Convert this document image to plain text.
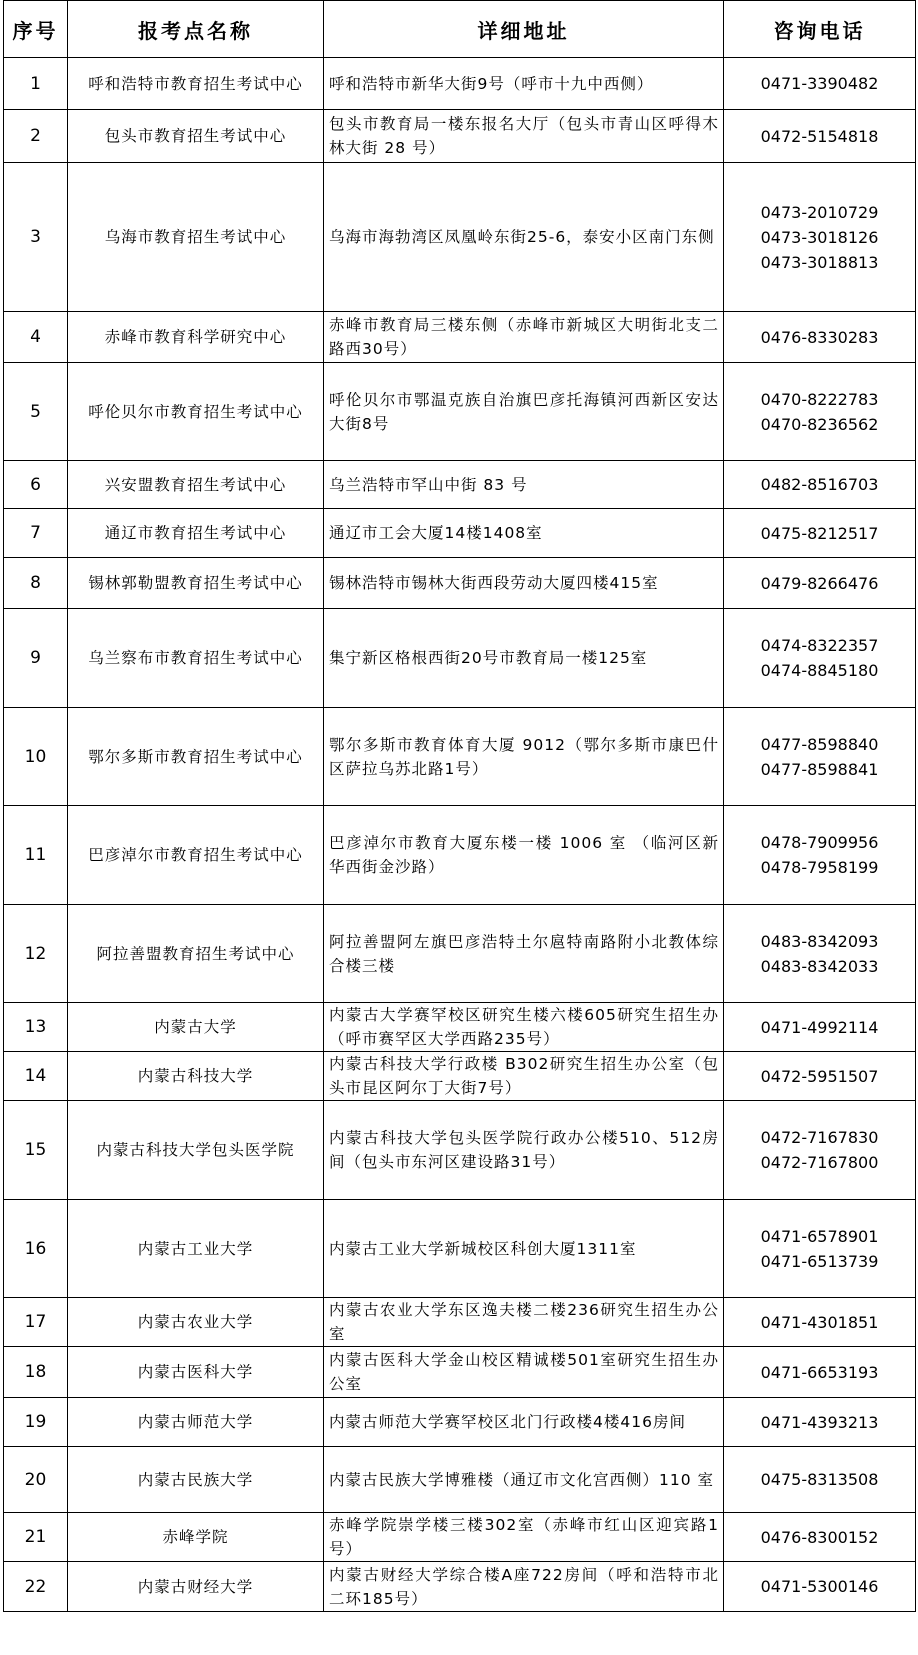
序号	报考点名称	详细地址	咨询电话
1	呼和浩特市教育招生考试中心	呼和浩特市新华大街9号（呼市十九中西侧）	0471-3390482

2	包头市教育招生考试中心	包头市教育局一楼东报名大厅（包头市青山区呼得木林大街 28 号）	0472-5154818

3	乌海市教育招生考试中心	乌海市海勃湾区凤凰岭东街25-6，泰安小区南门东侧	0473-2010729
0473-3018126
0473-3018813

4	赤峰市教育科学研究中心	赤峰市教育局三楼东侧（赤峰市新城区大明街北支二路西30号）	0476-8330283

5	呼伦贝尔市教育招生考试中心	呼伦贝尔市鄂温克族自治旗巴彦托海镇河西新区安达大街8号	0470-8222783
0470-8236562

6	兴安盟教育招生考试中心	乌兰浩特市罕山中街 83 号	0482-8516703

7	通辽市教育招生考试中心	通辽市工会大厦14楼1408室	0475-8212517

8	锡林郭勒盟教育招生考试中心	锡林浩特市锡林大街西段劳动大厦四楼415室	0479-8266476

9	乌兰察布市教育招生考试中心	集宁新区格根西街20号市教育局一楼125室	0474-8322357
0474-8845180

10	鄂尔多斯市教育招生考试中心	鄂尔多斯市教育体育大厦 9012（鄂尔多斯市康巴什区萨拉乌苏北路1号）	0477-8598840
0477-8598841

11	巴彦淖尔市教育招生考试中心	巴彦淖尔市教育大厦东楼一楼 1006 室 （临河区新华西街金沙路）	0478-7909956
0478-7958199

12	阿拉善盟教育招生考试中心	阿拉善盟阿左旗巴彦浩特土尔扈特南路附小北教体综合楼三楼	0483-8342093
0483-8342033

13	内蒙古大学	内蒙古大学赛罕校区研究生楼六楼605研究生招生办（呼市赛罕区大学西路235号）	0471-4992114

14	内蒙古科技大学	内蒙古科技大学行政楼 B302研究生招生办公室（包头市昆区阿尔丁大街7号）	0472-5951507

15	内蒙古科技大学包头医学院	内蒙古科技大学包头医学院行政办公楼510、512房间（包头市东河区建设路31号）	0472-7167830
0472-7167800

16	内蒙古工业大学	内蒙古工业大学新城校区科创大厦1311室	0471-6578901
0471-6513739

17	内蒙古农业大学	内蒙古农业大学东区逸夫楼二楼236研究生招生办公室	0471-4301851

18	内蒙古医科大学	内蒙古医科大学金山校区精诚楼501室研究生招生办公室	0471-6653193

19	内蒙古师范大学	内蒙古师范大学赛罕校区北门行政楼4楼416房间	0471-4393213

20	内蒙古民族大学	内蒙古民族大学博雅楼（通辽市文化宫西侧）110 室	0475-8313508

21	赤峰学院	赤峰学院崇学楼三楼302室（赤峰市红山区迎宾路1号）	0476-8300152

22	内蒙古财经大学	内蒙古财经大学综合楼A座722房间（呼和浩特市北二环185号）	0471-5300146
